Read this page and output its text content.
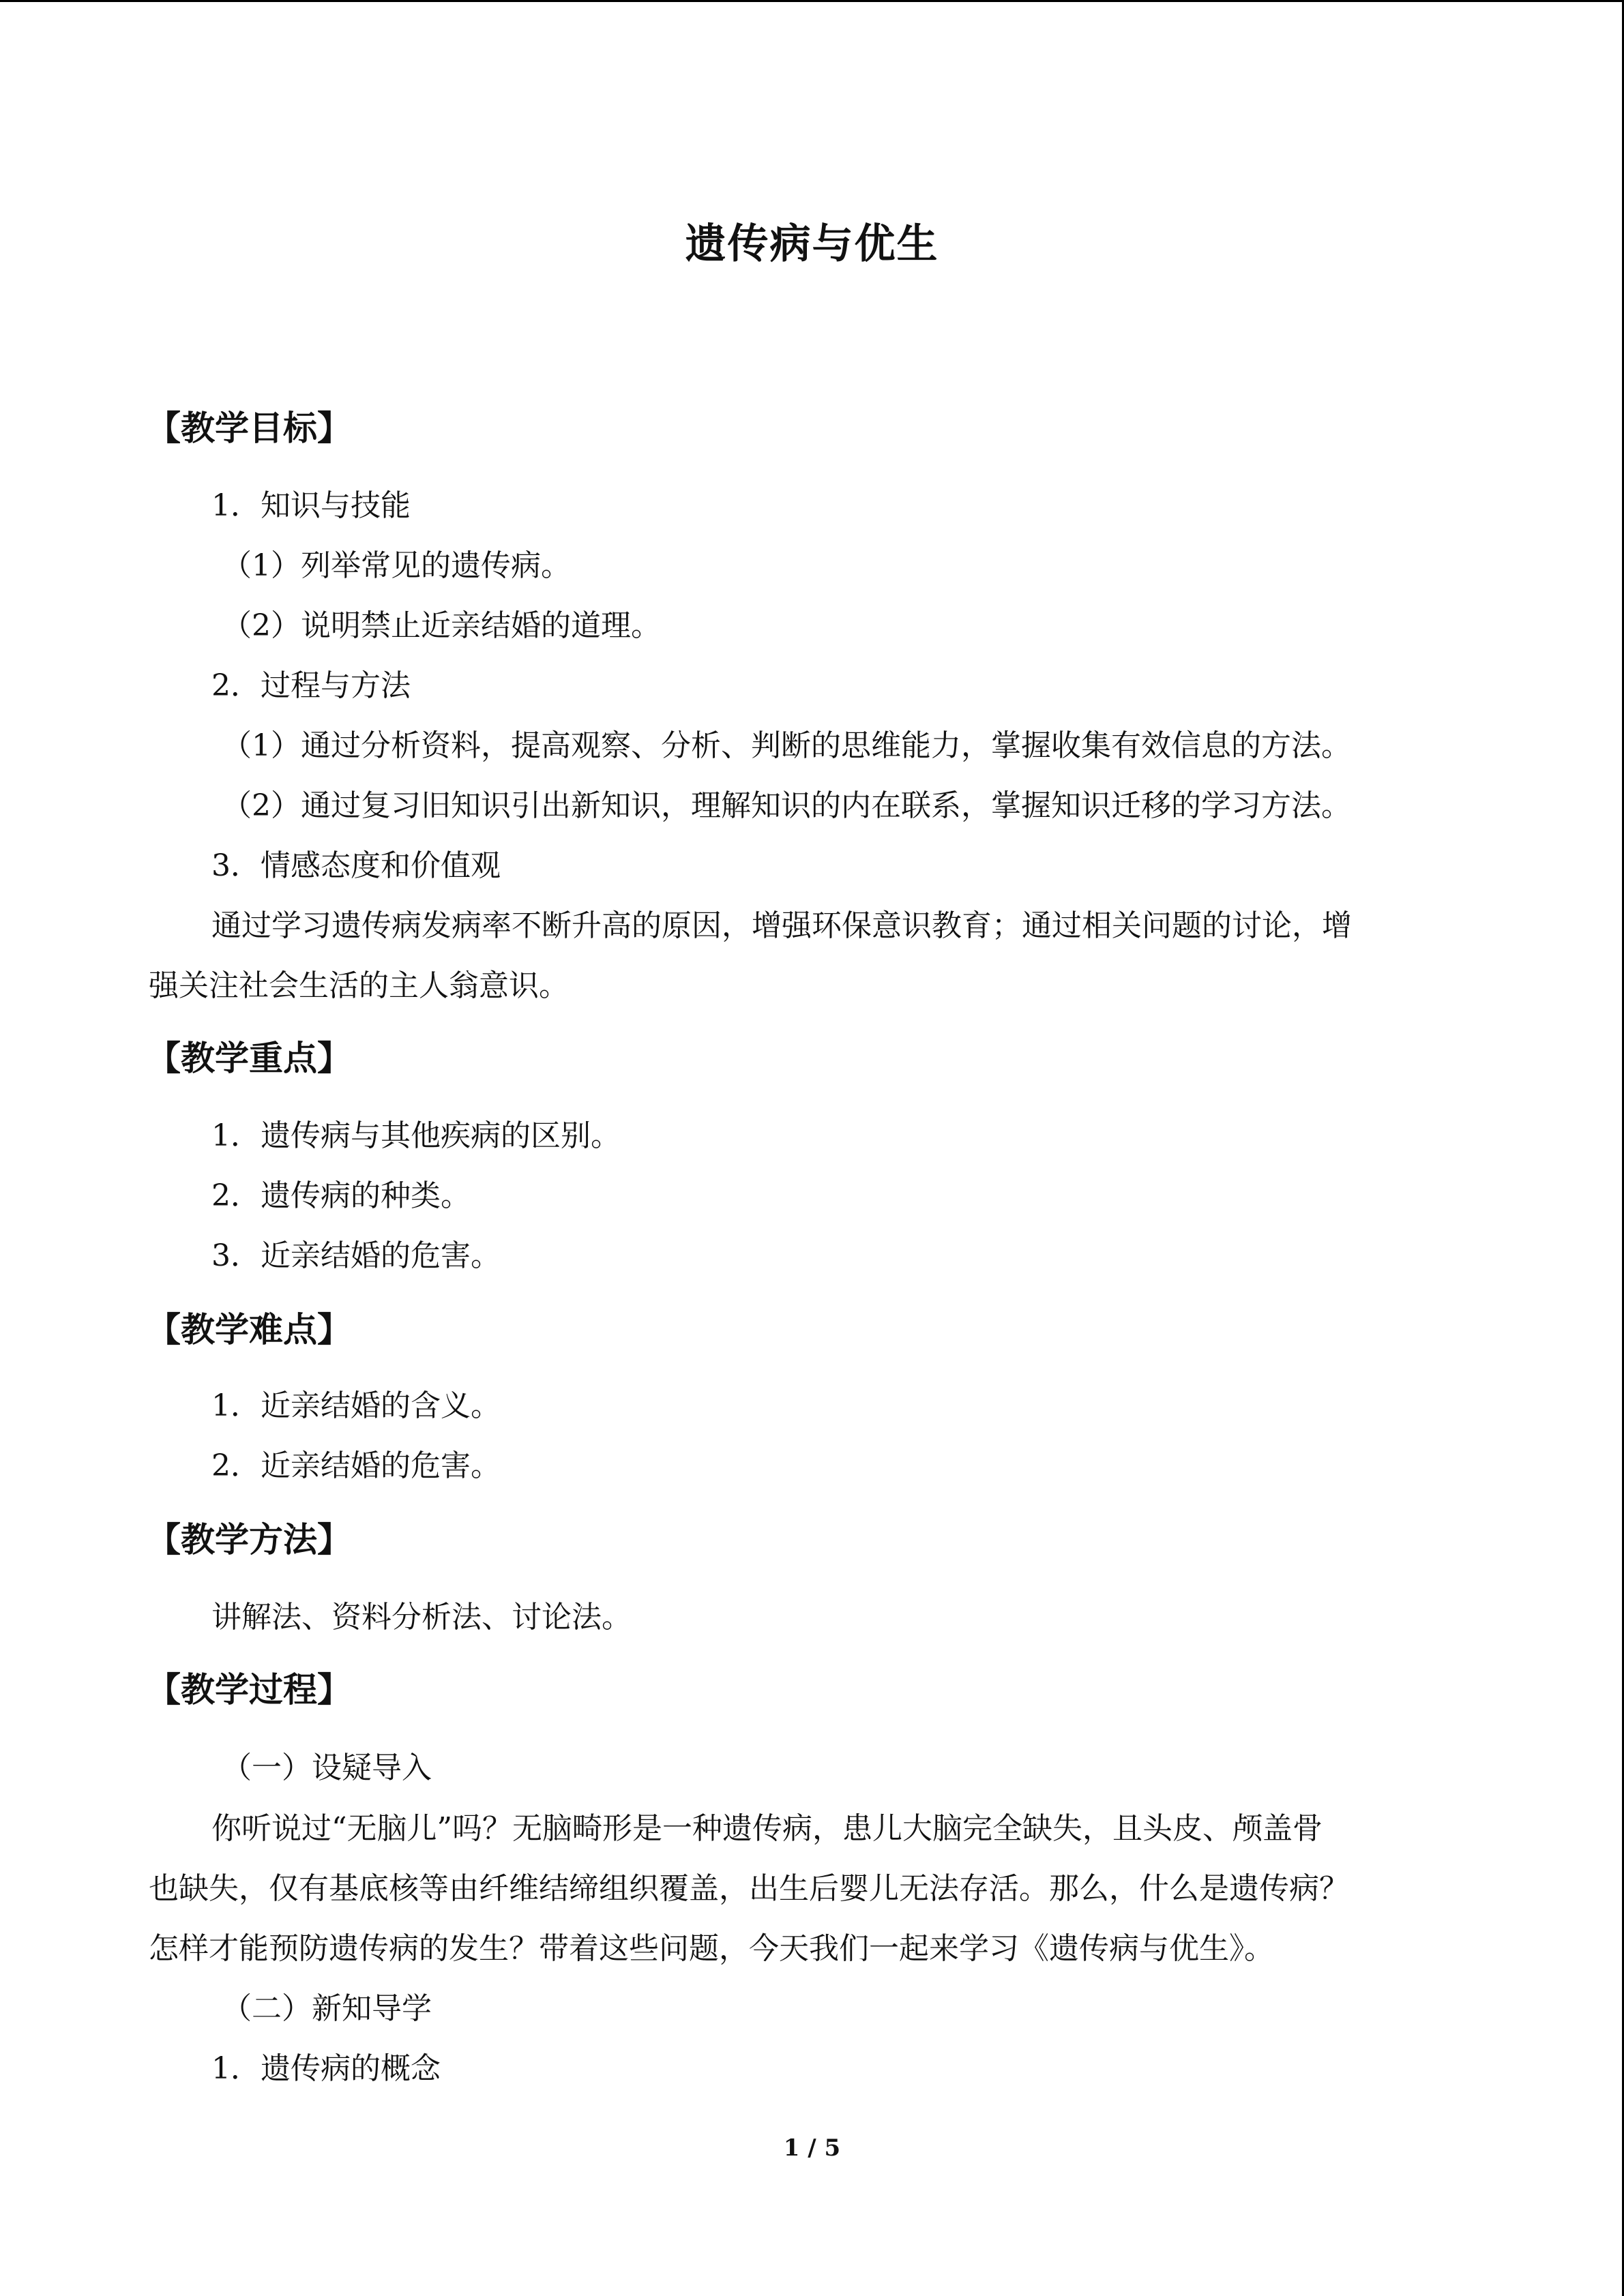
遗传病与优生
【教学目标】
1．知识与技能
（1）列举常见的遗传病。
（2）说明禁止近亲结婚的道理。
2．过程与方法
（1）通过分析资料，提高观察、分析、判断的思维能力，掌握收集有效信息的方法。
（2）通过复习旧知识引出新知识，理解知识的内在联系，掌握知识迁移的学习方法。
3．情感态度和价值观
通过学习遗传病发病率不断升高的原因，增强环保意识教育；通过相关问题的讨论，增
强关注社会生活的主人翁意识。
【教学重点】
1．遗传病与其他疾病的区别。
2．遗传病的种类。
3．近亲结婚的危害。
【教学难点】
1．近亲结婚的含义。
2．近亲结婚的危害。
【教学方法】
讲解法、资料分析法、讨论法。
【教学过程】
（一）设疑导入
你听说过“无脑儿”吗？无脑畸形是一种遗传病，患儿大脑完全缺失，且头皮、颅盖骨
也缺失，仅有基底核等由纤维结缔组织覆盖，出生后婴儿无法存活。那么，什么是遗传病？
怎样才能预防遗传病的发生？带着这些问题，今天我们一起来学习《遗传病与优生》。
（二）新知导学
1．遗传病的概念
1 / 5
